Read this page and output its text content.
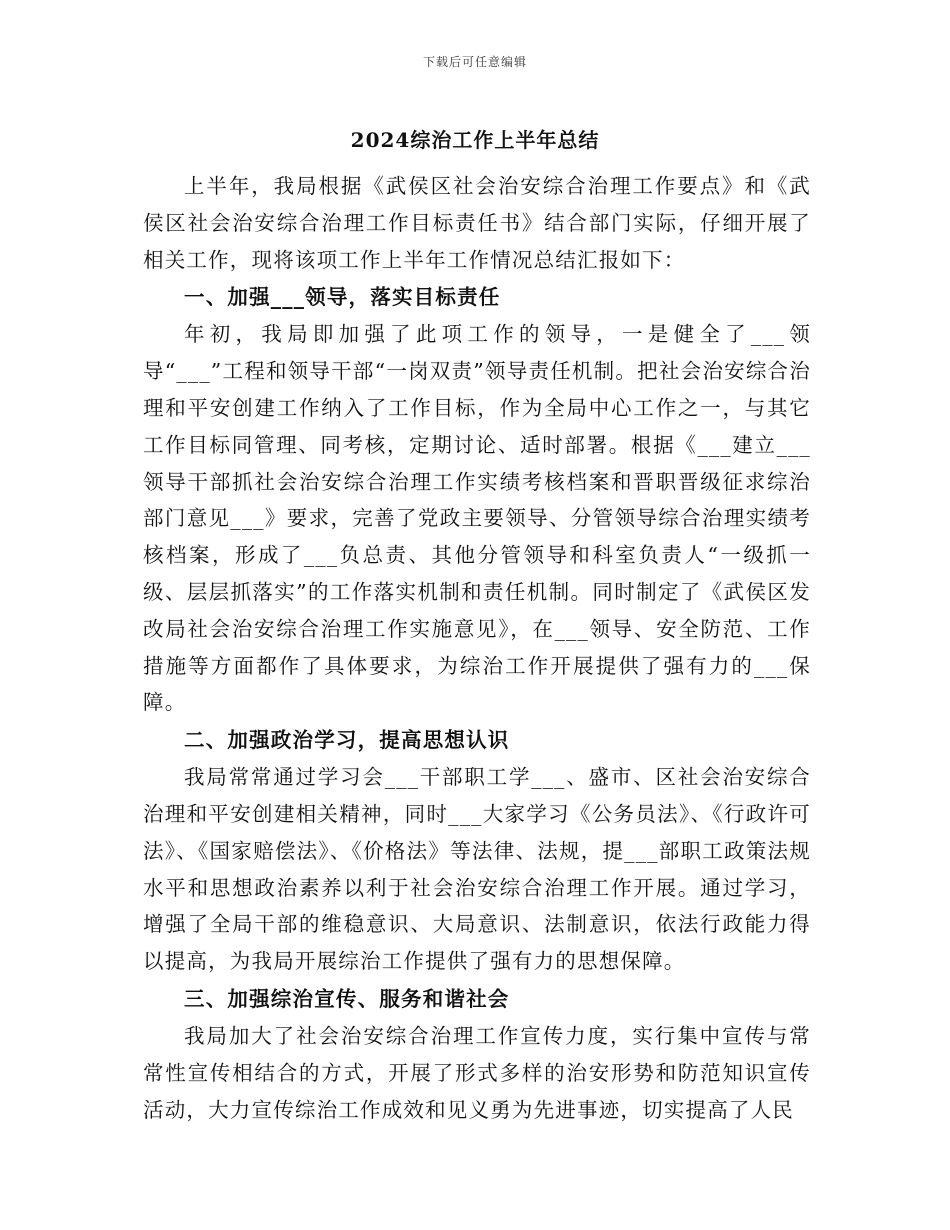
下载后可任意编辑
2024综治工作上半年总结

上半年，我局根据《武侯区社会治安综合治理工作要点》和《武侯区社会治安综合治理工作目标责任书》结合部门实际，仔细开展了相关工作，现将该项工作上半年工作情况总结汇报如下：

一、加强___领导，落实目标责任

年初，我局即加强了此项工作的领导，一是健全了___领导“___”工程和领导干部“一岗双责”领导责任机制。把社会治安综合治理和平安创建工作纳入了工作目标，作为全局中心工作之一，与其它工作目标同管理、同考核，定期讨论、适时部署。根据《___建立___领导干部抓社会治安综合治理工作实绩考核档案和晋职晋级征求综治部门意见___》要求，完善了党政主要领导、分管领导综合治理实绩考核档案，形成了___负总责、其他分管领导和科室负责人“一级抓一级、层层抓落实”的工作落实机制和责任机制。同时制定了《武侯区发改局社会治安综合治理工作实施意见》，在___领导、安全防范、工作措施等方面都作了具体要求，为综治工作开展提供了强有力的___保障。

二、加强政治学习，提高思想认识

我局常常通过学习会___干部职工学___、盛市、区社会治安综合治理和平安创建相关精神，同时___大家学习《公务员法》、《行政许可法》、《国家赔偿法》、《价格法》等法律、法规，提___部职工政策法规水平和思想政治素养以利于社会治安综合治理工作开展。通过学习，增强了全局干部的维稳意识、大局意识、法制意识，依法行政能力得以提高，为我局开展综治工作提供了强有力的思想保障。

三、加强综治宣传、服务和谐社会

我局加大了社会治安综合治理工作宣传力度，实行集中宣传与常常性宣传相结合的方式，开展了形式多样的治安形势和防范知识宣传活动，大力宣传综治工作成效和见义勇为先进事迹，切实提高了人民
